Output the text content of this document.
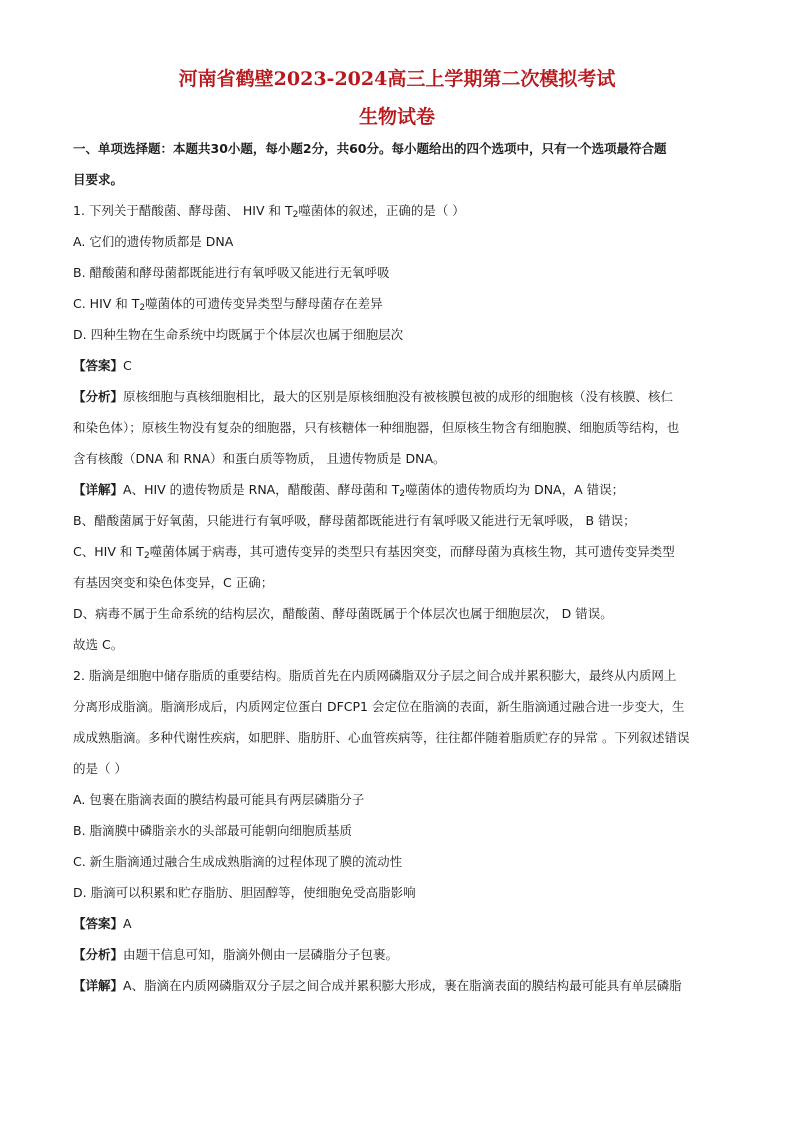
河南省鹤壁2023-2024高三上学期第二次模拟考试
生物试卷
一、单项选择题：本题共30小题，每小题2分，共60分。每小题给出的四个选项中，只有一个选项最符合题
目要求。
1. 下列关于醋酸菌、酵母菌、 HIV 和 $T_2$噬菌体的叙述，正确的是（ ）
A. 它们的遗传物质都是 DNA
B. 醋酸菌和酵母菌都既能进行有氧呼吸又能进行无氧呼吸
C. HIV 和 $T_2$噬菌体的可遗传变异类型与酵母菌存在差异
D. 四种生物在生命系统中均既属于个体层次也属于细胞层次
【答案】C
【分析】原核细胞与真核细胞相比，最大的区别是原核细胞没有被核膜包被的成形的细胞核（没有核膜、核仁
和染色体）；原核生物没有复杂的细胞器，只有核糖体一种细胞器，但原核生物含有细胞膜、细胞质等结构，也
含有核酸（DNA 和 RNA）和蛋白质等物质， 且遗传物质是 DNA。
【详解】A、HIV 的遗传物质是 RNA，醋酸菌、酵母菌和 $T_2$噬菌体的遗传物质均为 DNA，A 错误；
B、醋酸菌属于好氧菌，只能进行有氧呼吸，酵母菌都既能进行有氧呼吸又能进行无氧呼吸， B 错误；
C、HIV 和 $T_2$噬菌体属于病毒，其可遗传变异的类型只有基因突变，而酵母菌为真核生物，其可遗传变异类型
有基因突变和染色体变异，C 正确；
D、病毒不属于生命系统的结构层次，醋酸菌、酵母菌既属于个体层次也属于细胞层次， D 错误。
故选 C。
2. 脂滴是细胞中储存脂质的重要结构。脂质首先在内质网磷脂双分子层之间合成并累积膨大，最终从内质网上
分离形成脂滴。脂滴形成后，内质网定位蛋白 DFCP1 会定位在脂滴的表面，新生脂滴通过融合进一步变大，生
成成熟脂滴。多种代谢性疾病，如肥胖、脂肪肝、心血管疾病等，往往都伴随着脂质贮存的异常 。下列叙述错误
的是（ ）
A. 包裹在脂滴表面的膜结构最可能具有两层磷脂分子
B. 脂滴膜中磷脂亲水的头部最可能朝向细胞质基质
C. 新生脂滴通过融合生成成熟脂滴的过程体现了膜的流动性
D. 脂滴可以积累和贮存脂肪、胆固醇等，使细胞免受高脂影响
【答案】A
【分析】由题干信息可知，脂滴外侧由一层磷脂分子包裹。
【详解】A、脂滴在内质网磷脂双分子层之间合成并累积膨大形成，裹在脂滴表面的膜结构最可能具有单层磷脂
